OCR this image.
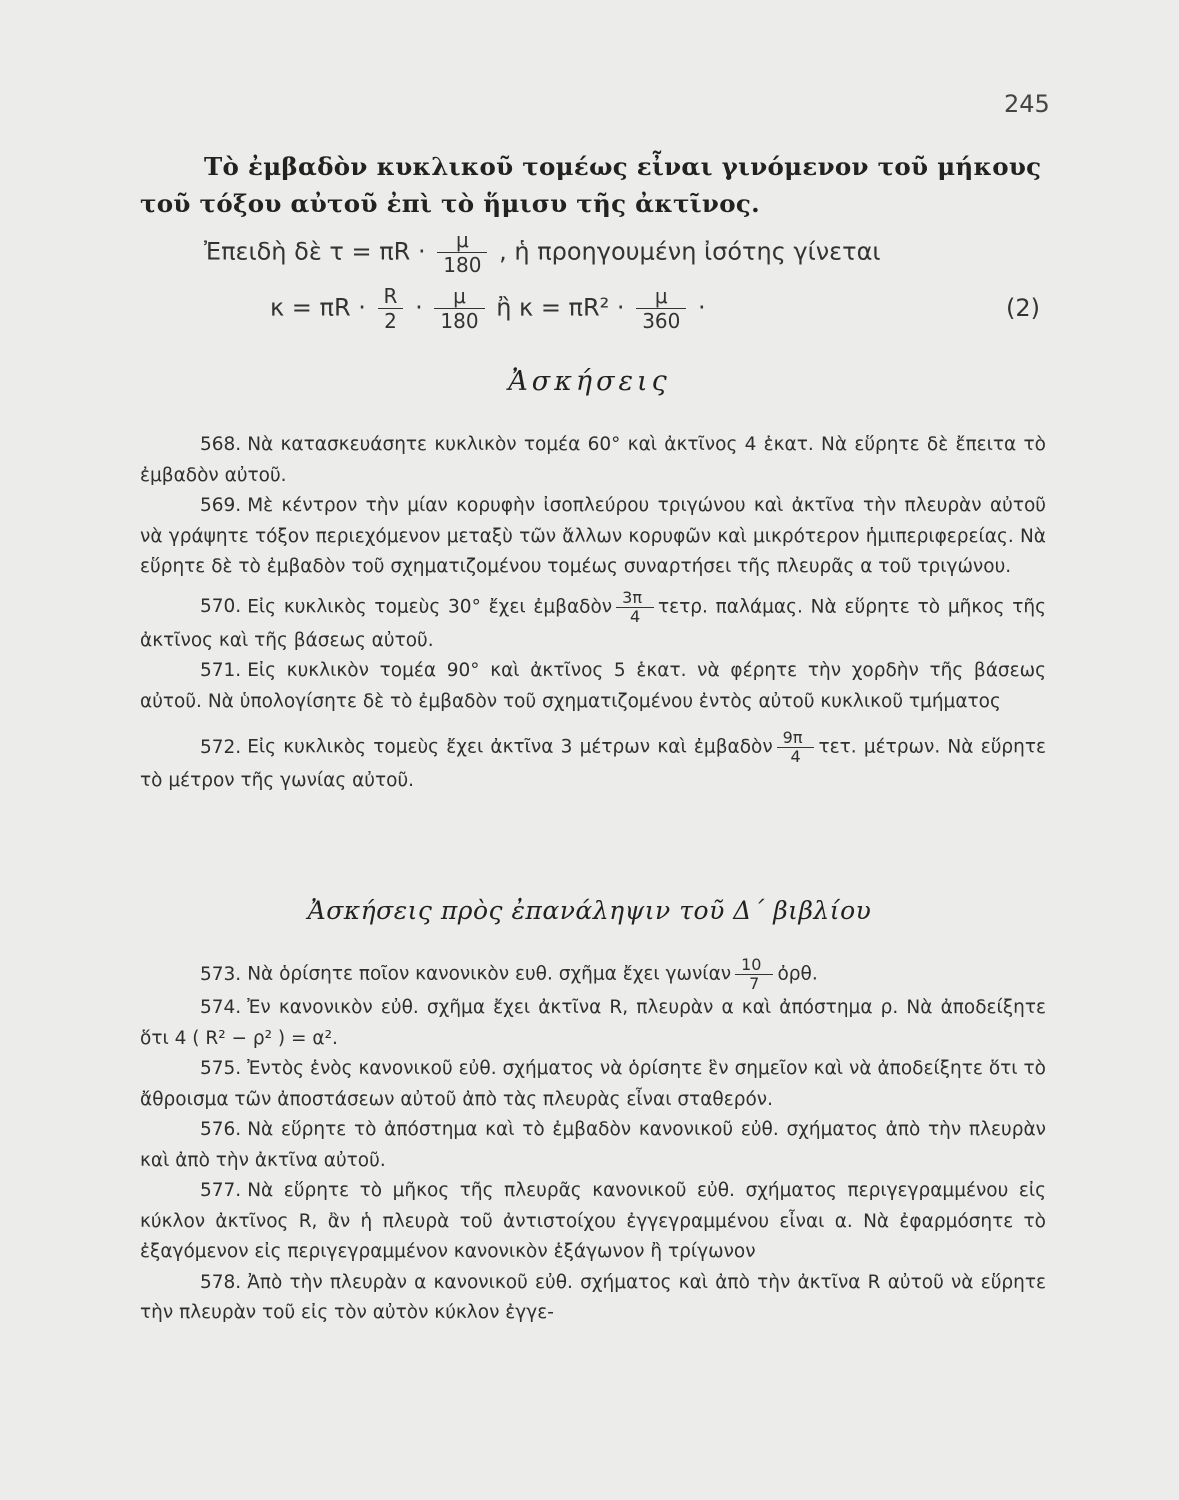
245
Τὸ ἐμβαδὸν κυκλικοῦ τομέως εἶναι γινόμενον τοῦ μήκους
τοῦ τόξου αὐτοῦ ἐπὶ τὸ ἥμισυ τῆς ἀκτῖνος.
Ἐπειδὴ δὲ $\tau = \pi R \cdot \frac{\mu}{180}$ , ἡ προηγουμένη ἰσότης γίνεται
$\kappa = \pi R \cdot \frac{R}{2} \cdot \frac{\mu}{180}$ ἢ $\kappa = \pi R^2 \cdot \frac{\mu}{360}$ ·	(2)
Ἀσκήσεις

568. Νὰ κατασκευάσητε κυκλικὸν τομέα 60° καὶ ἀκτῖνος 4 ἑκατ. Νὰ εὕρητε δὲ ἔπειτα τὸ ἐμβαδὸν αὐτοῦ.

569. Μὲ κέντρον τὴν μίαν κορυφὴν ἰσοπλεύρου τριγώνου καὶ ἀκτῖνα τὴν πλευρὰν αὐτοῦ νὰ γράψητε τόξον περιεχόμενον μεταξὺ τῶν ἄλλων κορυφῶν καὶ μικρότερον ἡμιπεριφερείας. Νὰ εὕρητε δὲ τὸ ἐμβαδὸν τοῦ σχηματιζομένου τομέως συναρτήσει τῆς πλευρᾶς α τοῦ τριγώνου.

570. Εἰς κυκλικὸς τομεὺς 30° ἔχει ἐμβαδὸν $\frac{3\pi}{4} \tau\varepsilon\tau\rho$. παλάμας. Νὰ εὕρητε τὸ μῆκος τῆς ἀκτῖνος καὶ τῆς βάσεως αὐτοῦ.

571. Εἰς κυκλικὸν τομέα 90° καὶ ἀκτῖνος 5 ἑκατ. νὰ φέρητε τὴν χορδὴν τῆς βάσεως αὐτοῦ. Νὰ ὑπολογίσητε δὲ τὸ ἐμβαδὸν τοῦ σχηματιζομένου ἐντὸς αὐτοῦ κυκλικοῦ τμήματος

572. Εἰς κυκλικὸς τομεὺς ἔχει ἀκτῖνα 3 μέτρων καὶ ἐμβαδὸν $\frac{9\pi}{4} \tau\varepsilon\tau$. μέτρων. Νὰ εὕρητε τὸ μέτρον τῆς γωνίας αὐτοῦ.

Ἀσκήσεις πρὸς ἐπανάληψιν τοῦ Δ΄ βιβλίου

573. Νὰ ὁρίσητε ποῖον κανονικὸν ευθ. σχῆμα ἔχει γωνίαν $\frac{10}{7}$ ὀρθ.

574. Ἐν κανονικὸν εὐθ. σχῆμα ἔχει ἀκτῖνα R, πλευρὰν α καὶ ἀπόστημα ρ. Νὰ ἀποδείξητε ὅτι 4 ( R² − ρ² ) = α².

575. Ἐντὸς ἑνὸς κανονικοῦ εὐθ. σχήματος νὰ ὁρίσητε ἓν σημεῖον καὶ νὰ ἀποδείξητε ὅτι τὸ ἄθροισμα τῶν ἀποστάσεων αὐτοῦ ἀπὸ τὰς πλευρὰς εἶναι σταθερόν.

576. Νὰ εὕρητε τὸ ἀπόστημα καὶ τὸ ἐμβαδὸν κανονικοῦ εὐθ. σχήματος ἀπὸ τὴν πλευρὰν καὶ ἀπὸ τὴν ἀκτῖνα αὐτοῦ.

577. Νὰ εὕρητε τὸ μῆκος τῆς πλευρᾶς κανονικοῦ εὐθ. σχήματος περιγεγραμμένου εἰς κύκλον ἀκτῖνος R, ἂν ἡ πλευρὰ τοῦ ἀντιστοίχου ἐγγεγραμμένου εἶναι α. Νὰ ἐφαρμόσητε τὸ ἐξαγόμενον εἰς περιγεγραμμένον κανονικὸν ἑξάγωνον ἢ τρίγωνον

578. Ἀπὸ τὴν πλευρὰν α κανονικοῦ εὐθ. σχήματος καὶ ἀπὸ τὴν ἀκτῖνα R αὐτοῦ νὰ εὕρητε τὴν πλευρὰν τοῦ εἰς τὸν αὐτὸν κύκλον ἐγγε-
